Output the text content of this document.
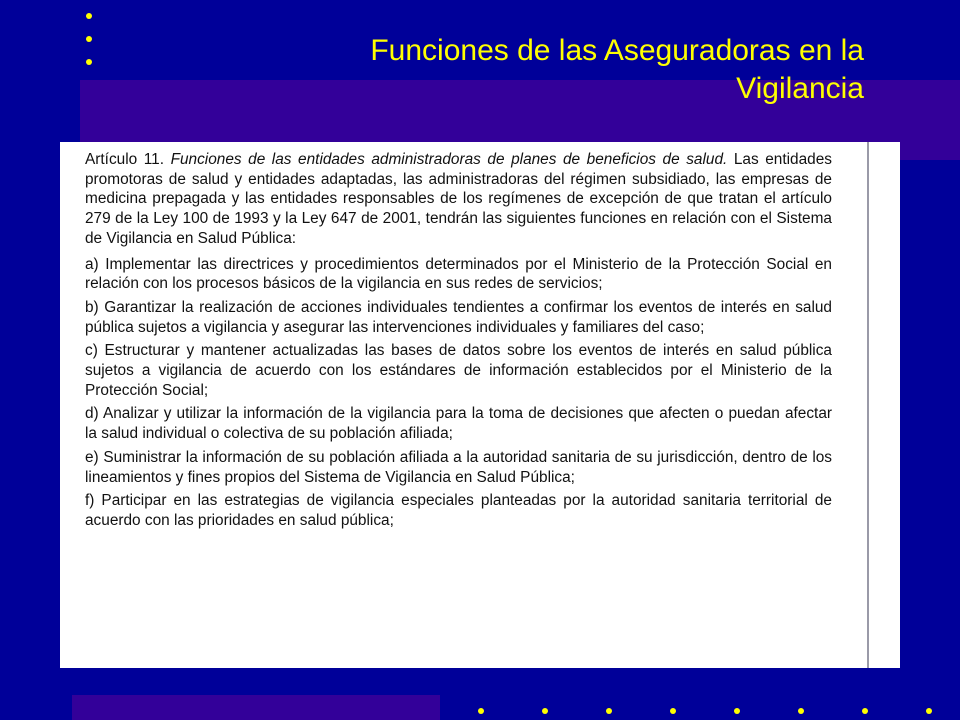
Funciones de las Aseguradoras en la
Vigilancia

Artículo 11. Funciones de las entidades administradoras de planes de beneficios de salud. Las entidades promotoras de salud y entidades adaptadas, las administradoras del régimen subsidiado, las empresas de medicina prepagada y las entidades responsables de los regímenes de excepción de que tratan el artículo 279 de la Ley 100 de 1993 y la Ley 647 de 2001, tendrán las siguientes funciones en relación con el Sistema de Vigilancia en Salud Pública:

a) Implementar las directrices y procedimientos determinados por el Ministerio de la Protección Social en relación con los procesos básicos de la vigilancia en sus redes de servicios;

b) Garantizar la realización de acciones individuales tendientes a confirmar los eventos de interés en salud pública sujetos a vigilancia y asegurar las intervenciones individuales y familiares del caso;

c) Estructurar y mantener actualizadas las bases de datos sobre los eventos de interés en salud pública sujetos a vigilancia de acuerdo con los estándares de información establecidos por el Ministerio de la Protección Social;

d) Analizar y utilizar la información de la vigilancia para la toma de decisiones que afecten o puedan afectar la salud individual o colectiva de su población afiliada;

e) Suministrar la información de su población afiliada a la autoridad sanitaria de su jurisdicción, dentro de los lineamientos y fines propios del Sistema de Vigilancia en Salud Pública;

f) Participar en las estrategias de vigilancia especiales planteadas por la autoridad sanitaria territorial de acuerdo con las prioridades en salud pública;
